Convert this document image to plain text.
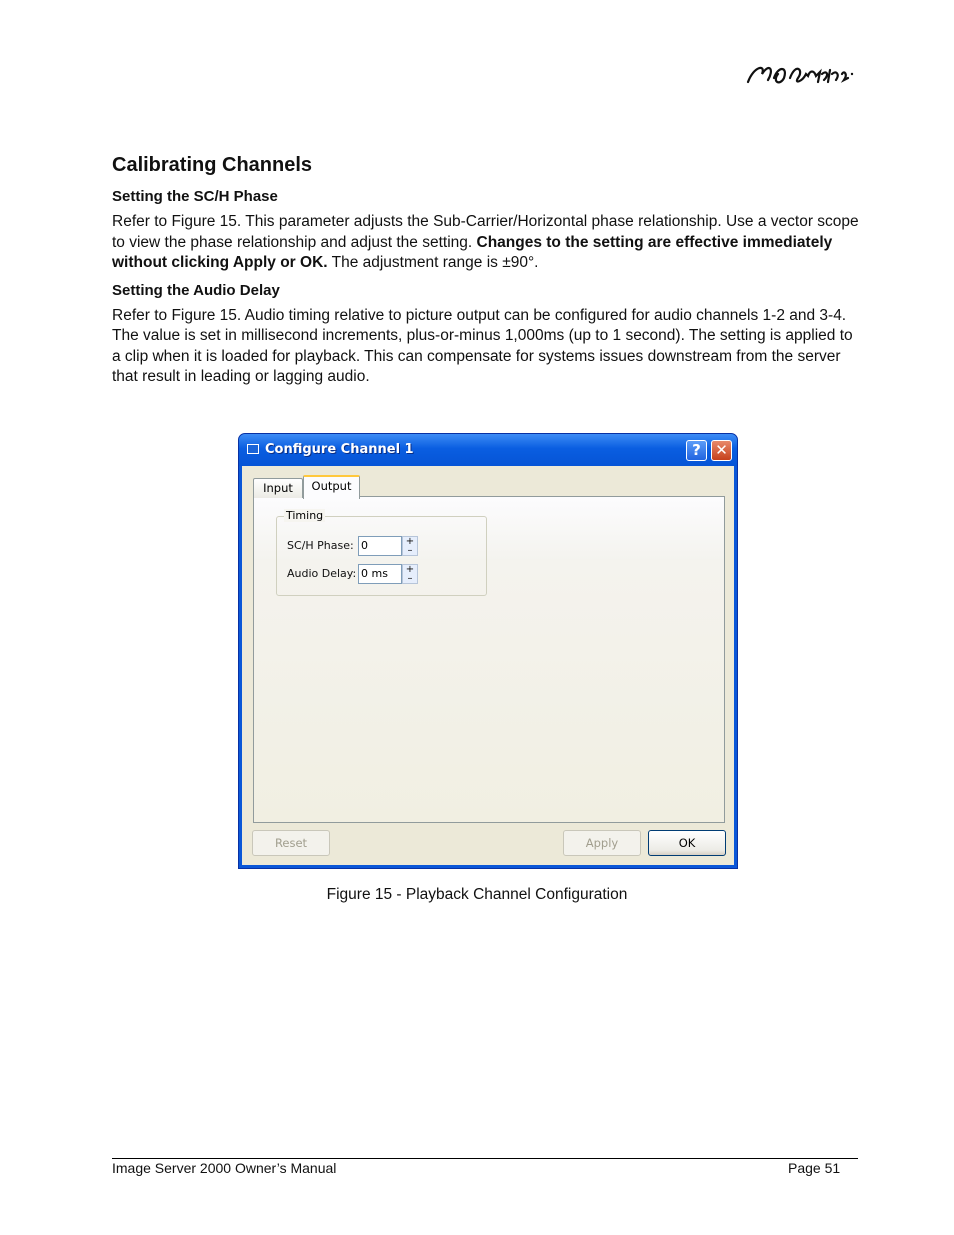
Calibrating Channels
Setting the SC/H Phase

Refer to Figure 15. This parameter adjusts the Sub-Carrier/Horizontal phase relationship. Use a vector scope to view the phase relationship and adjust the setting. Changes to the setting are effective immediately without clicking Apply or OK. The adjustment range is ±90°.

Setting the Audio Delay

Refer to Figure 15. Audio timing relative to picture output can be configured for audio channels 1-2 and 3-4. The value is set in millisecond increments, plus-or-minus 1,000ms (up to 1 second). The setting is applied to a clip when it is loaded for playback. This can compensate for systems issues downstream from the server that result in leading or lagging audio.

Configure Channel 1	? ✕
Timing
SC/H Phase: 0	+
–
Audio Delay: 0 ms	+
–
Input	Output
Reset	Apply	OK
Figure 15 - Playback Channel Configuration
Image Server 2000 Owner’s Manual	Page 51
